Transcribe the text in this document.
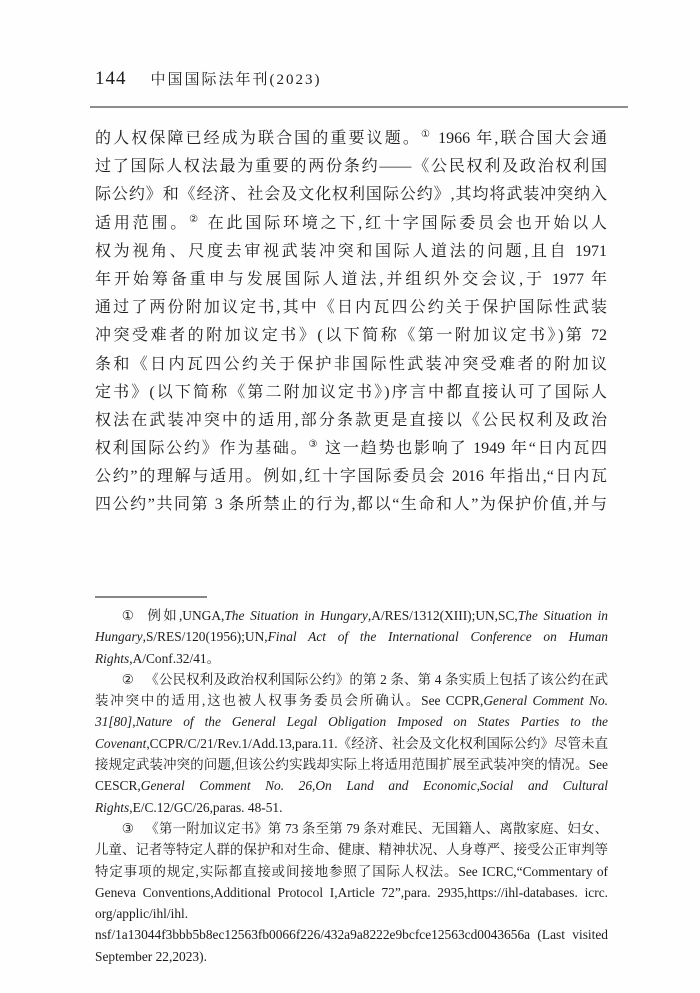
144 中国国际法年刊(2023)
的人权保障已经成为联合国的重要议题。① 1966 年,联合国大会通
过了国际人权法最为重要的两份条约——《公民权利及政治权利国
际公约》和《经济、社会及文化权利国际公约》,其均将武装冲突纳入
适用范围。② 在此国际环境之下,红十字国际委员会也开始以人
权为视角、尺度去审视武装冲突和国际人道法的问题,且自 1971
年开始筹备重申与发展国际人道法,并组织外交会议,于 1977 年
通过了两份附加议定书,其中《日内瓦四公约关于保护国际性武装
冲突受难者的附加议定书》(以下简称《第一附加议定书》)第 72
条和《日内瓦四公约关于保护非国际性武装冲突受难者的附加议
定书》(以下简称《第二附加议定书》)序言中都直接认可了国际人
权法在武装冲突中的适用,部分条款更是直接以《公民权利及政治
权利国际公约》作为基础。③ 这一趋势也影响了 1949 年“日内瓦四
公约”的理解与适用。例如,红十字国际委员会 2016 年指出,“日内瓦
四公约”共同第 3 条所禁止的行为,都以“生命和人”为保护价值,并与

① 例如,UNGA,The Situation in Hungary,A/RES/1312(XIII);UN,SC,The Situation in Hungary,S/RES/120(1956);UN,Final Act of the International Conference on Human Rights,A/Conf.32/41。

② 《公民权利及政治权利国际公约》的第 2 条、第 4 条实质上包括了该公约在武装冲突中的适用,这也被人权事务委员会所确认。See CCPR,General Comment No. 31[80],Nature of the General Legal Obligation Imposed on States Parties to the Covenant,CCPR/C/21/Rev.1/Add.13,para.11.《经济、社会及文化权利国际公约》尽管未直接规定武装冲突的问题,但该公约实践却实际上将适用范围扩展至武装冲突的情况。See CESCR,General Comment No. 26,On Land and Economic,Social and Cultural Rights,E/C.12/GC/26,paras. 48-51.

③ 《第一附加议定书》第 73 条至第 79 条对难民、无国籍人、离散家庭、妇女、儿童、记者等特定人群的保护和对生命、健康、精神状况、人身尊严、接受公正审判等特定事项的规定,实际都直接或间接地参照了国际人权法。See ICRC,“Commentary of Geneva Conventions,Additional Protocol I,Article 72”,para. 2935,https://ihl-databases. icrc. org/applic/ihl/ihl. nsf/1a13044f3bbb5b8ec12563fb0066f226/432a9a8222e9bcfce12563cd0043656a (Last visited September 22,2023).
